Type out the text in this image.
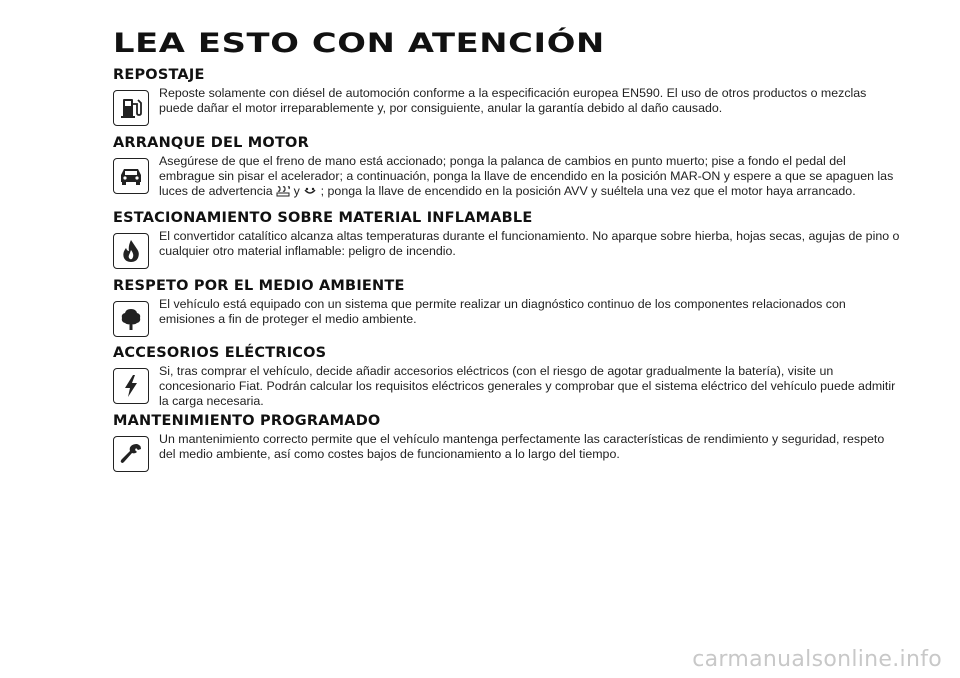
LEA ESTO CON ATENCIÓN
REPOSTAJE
Reposte solamente con diésel de automoción conforme a la especificación europea EN590. El uso de otros productos o mezclas puede dañar el motor irreparablemente y, por consiguiente, anular la garantía debido al daño causado.
ARRANQUE DEL MOTOR
Asegúrese de que el freno de mano está accionado; ponga la palanca de cambios en punto muerto; pise a fondo el pedal del embrague sin pisar el acelerador; a continuación, ponga la llave de encendido en la posición MAR-ON y espere a que se apaguen las luces de advertencia  y  ; ponga la llave de encendido en la posición AVV y suéltela una vez que el motor haya arrancado.
ESTACIONAMIENTO SOBRE MATERIAL INFLAMABLE
El convertidor catalítico alcanza altas temperaturas durante el funcionamiento. No aparque sobre hierba, hojas secas, agujas de pino o cualquier otro material inflamable: peligro de incendio.
RESPETO POR EL MEDIO AMBIENTE
El vehículo está equipado con un sistema que permite realizar un diagnóstico continuo de los componentes relacionados con emisiones a fin de proteger el medio ambiente.
ACCESORIOS ELÉCTRICOS
Si, tras comprar el vehículo, decide añadir accesorios eléctricos (con el riesgo de agotar gradualmente la batería), visite un concesionario Fiat. Podrán calcular los requisitos eléctricos generales y comprobar que el sistema eléctrico del vehículo puede admitir la carga necesaria.
MANTENIMIENTO PROGRAMADO
Un mantenimiento correcto permite que el vehículo mantenga perfectamente las características de rendimiento y seguridad, respeto del medio ambiente, así como costes bajos de funcionamiento a lo largo del tiempo.
carmanualsonline.info
